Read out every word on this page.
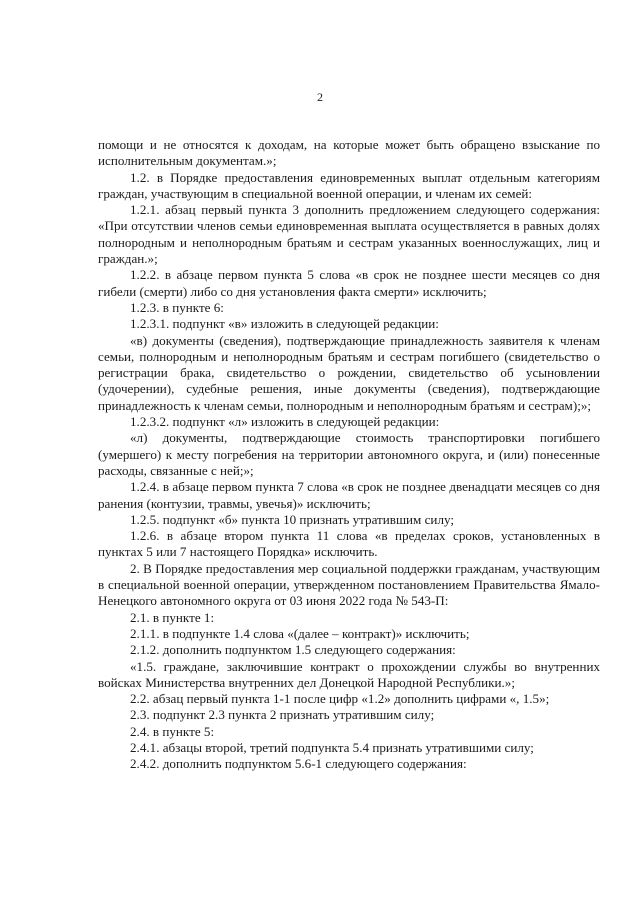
2

помощи и не относятся к доходам, на которые может быть обращено взыскание по исполнительным документам.»;

1.2. в Порядке предоставления единовременных выплат отдельным категориям граждан, участвующим в специальной военной операции, и членам их семей:

1.2.1. абзац первый пункта 3 дополнить предложением следующего содержания: «При отсутствии членов семьи единовременная выплата осуществляется в равных долях полнородным и неполнородным братьям и сестрам указанных военнослужащих, лиц и граждан.»;

1.2.2. в абзаце первом пункта 5 слова «в срок не позднее шести месяцев со дня гибели (смерти) либо со дня установления факта смерти» исключить;

1.2.3. в пункте 6:

1.2.3.1. подпункт «в» изложить в следующей редакции:

«в) документы (сведения), подтверждающие принадлежность заявителя к членам семьи, полнородным и неполнородным братьям и сестрам погибшего (свидетельство о регистрации брака, свидетельство о рождении, свидетельство об усыновлении (удочерении), судебные решения, иные документы (сведения), подтверждающие принадлежность к членам семьи, полнородным и неполнородным братьям и сестрам);»;

1.2.3.2. подпункт «л» изложить в следующей редакции:

«л) документы, подтверждающие стоимость транспортировки погибшего (умершего) к месту погребения на территории автономного округа, и (или) понесенные расходы, связанные с ней;»;

1.2.4. в абзаце первом пункта 7 слова «в срок не позднее двенадцати месяцев со дня ранения (контузии, травмы, увечья)» исключить;

1.2.5. подпункт «б» пункта 10 признать утратившим силу;

1.2.6. в абзаце втором пункта 11 слова «в пределах сроков, установленных в пунктах 5 или 7 настоящего Порядка» исключить.

2. В Порядке предоставления мер социальной поддержки гражданам, участвующим в специальной военной операции, утвержденном постановлением Правительства Ямало-Ненецкого автономного округа от 03 июня 2022 года № 543-П:

2.1. в пункте 1:

2.1.1. в подпункте 1.4 слова «(далее – контракт)» исключить;

2.1.2. дополнить подпунктом 1.5 следующего содержания:

«1.5. граждане, заключившие контракт о прохождении службы во внутренних войсках Министерства внутренних дел Донецкой Народной Республики.»;

2.2. абзац первый пункта 1-1 после цифр «1.2» дополнить цифрами «, 1.5»;

2.3. подпункт 2.3 пункта 2 признать утратившим силу;

2.4. в пункте 5:

2.4.1. абзацы второй, третий подпункта 5.4 признать утратившими силу;

2.4.2. дополнить подпунктом 5.6-1 следующего содержания:
